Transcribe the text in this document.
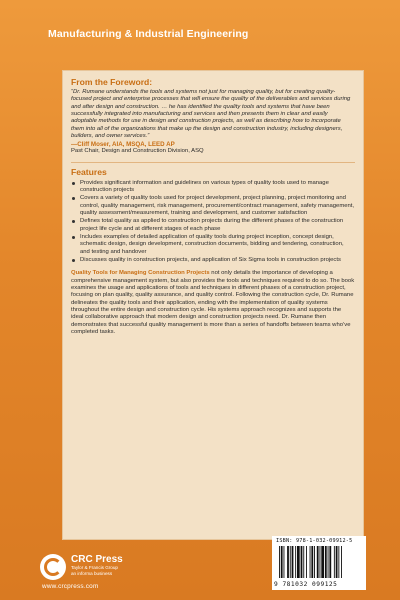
Manufacturing & Industrial Engineering
From the Foreword:
“Dr. Rumane understands the tools and systems not just for managing quality, but for creating quality-focused project and enterprise processes that will ensure the quality of the deliverables and services during and after design and construction. … he has identified the quality tools and systems that have been successfully integrated into manufacturing and services and then presents them in clear and easily adoptable methods for use in design and construction projects, as well as describing how to incorporate them into all of the organizations that make up the design and construction industry, including designers, builders, and owner services.”
—Cliff Moser, AIA, MSQA, LEED AP
Past Chair, Design and Construction Division, ASQ
Features
Provides significant information and guidelines on various types of quality tools used to manage construction projects
Covers a variety of quality tools used for project development, project planning, project monitoring and control, quality management, risk management, procurement/contract management, safety management, quality assessment/measurement, training and development, and customer satisfaction
Defines total quality as applied to construction projects during the different phases of the construction project life cycle and at different stages of each phase
Includes examples of detailed application of quality tools during project inception, concept design, schematic design, design development, construction documents, bidding and tendering, construction, and testing and handover
Discusses quality in construction projects, and application of Six Sigma tools in construction projects
Quality Tools for Managing Construction Projects not only details the importance of developing a comprehensive management system, but also provides the tools and techniques required to do so. The book examines the usage and applications of tools and techniques in different phases of a construction project, focusing on plan quality, quality assurance, and quality control. Following the construction cycle, Dr. Rumane delineates the quality tools and their application, ending with the implementation of quality systems throughout the entire design and construction cycle. His systems approach recognizes and supports the ideal collaborative approach that modern design and construction projects need. Dr. Rumane then demonstrates that successful quality management is more than a series of handoffs between teams who’ve completed tasks.
CRC Press
Taylor & Francis Group
an informa business
www.crcpress.com
ISBN: 978-1-032-09912-5
9 781032 099125
